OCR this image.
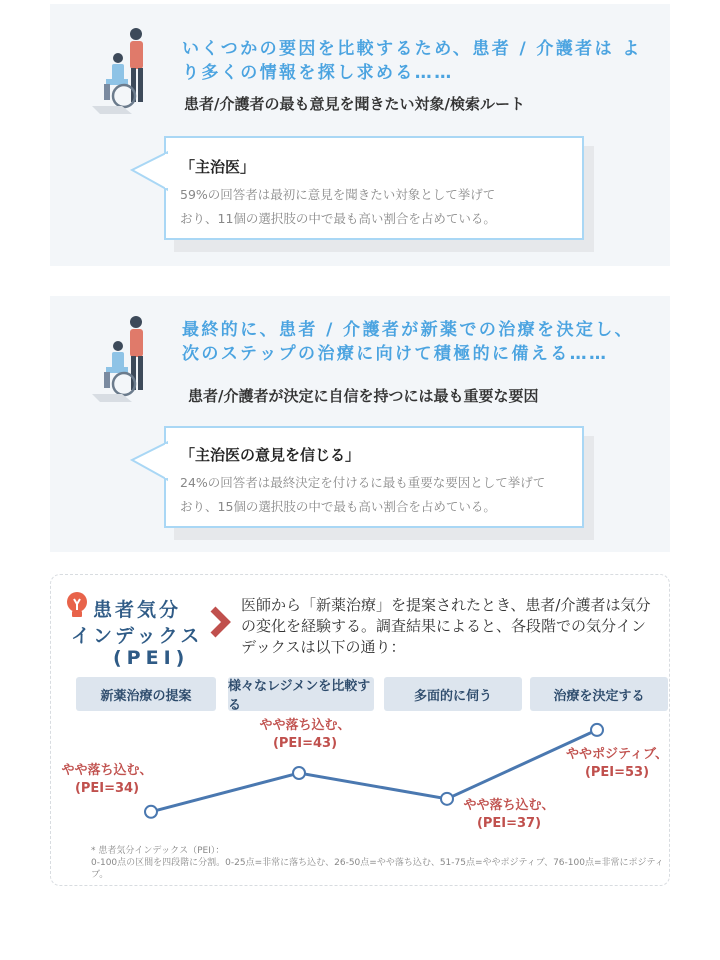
いくつかの要因を比較するため、患者 / 介護者は より多くの情報を探し求める……
患者/介護者の最も意見を聞きたい対象/検索ルート
「主治医」
59%の回答者は最初に意見を聞きたい対象として挙げて
おり、11個の選択肢の中で最も高い割合を占めている。
最終的に、患者 / 介護者が新薬での治療を決定し、次のステップの治療に向けて積極的に備える……
患者/介護者が決定に自信を持つには最も重要な要因
「主治医の意見を信じる」
24%の回答者は最終決定を付けるに最も重要な要因として挙げて
おり、15個の選択肢の中で最も高い割合を占めている。
患者気分
インデックス
(PEI)
医師から「新薬治療」を提案されたとき、患者/介護者は気分の変化を経験する。調査結果によると、各段階での気分インデックスは以下の通り：
新薬治療の提案
様々なレジメンを比較する
多面的に伺う	治療を決定する
やや落ち込む、(PEI=34)
やや落ち込む、(PEI=43)
やや落ち込む、(PEI=37)
ややポジティブ、(PEI=53)
* 患者気分インデックス（PEI）：
0-100点の区間を四段階に分割。0-25点=非常に落ち込む、26-50点=やや落ち込む、51-75点=ややポジティブ、76-100点=非常にポジティブ。
